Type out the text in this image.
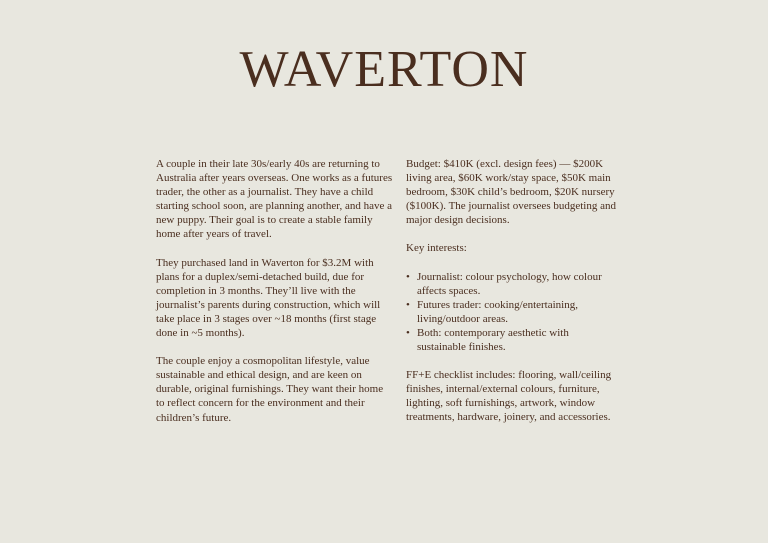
WAVERTON

A couple in their late 30s/early 40s are returning to Australia after years overseas. One works as a futures trader, the other as a journalist. They have a child starting school soon, are planning another, and have a new puppy. Their goal is to create a stable family home after years of travel.

They purchased land in Waverton for $3.2M with plans for a duplex/semi-detached build, due for completion in 3 months. They’ll live with the journalist’s parents during construction, which will take place in 3 stages over ~18 months (first stage done in ~5 months).

The couple enjoy a cosmopolitan lifestyle, value sustainable and ethical design, and are keen on durable, original furnishings. They want their home to reflect concern for the environment and their children’s future.

Budget: $410K (excl. design fees) — $200K living area, $60K work/stay space, $50K main bedroom, $30K child’s bedroom, $20K nursery ($100K). The journalist oversees budgeting and major design decisions.

Key interests:

• Journalist: colour psychology, how colour affects spaces.
• Futures trader: cooking/entertaining, living/outdoor areas.
• Both: contemporary aesthetic with sustainable finishes.

FF+E checklist includes: flooring, wall/ceiling finishes, internal/external colours, furniture, lighting, soft furnishings, artwork, window treatments, hardware, joinery, and accessories.
